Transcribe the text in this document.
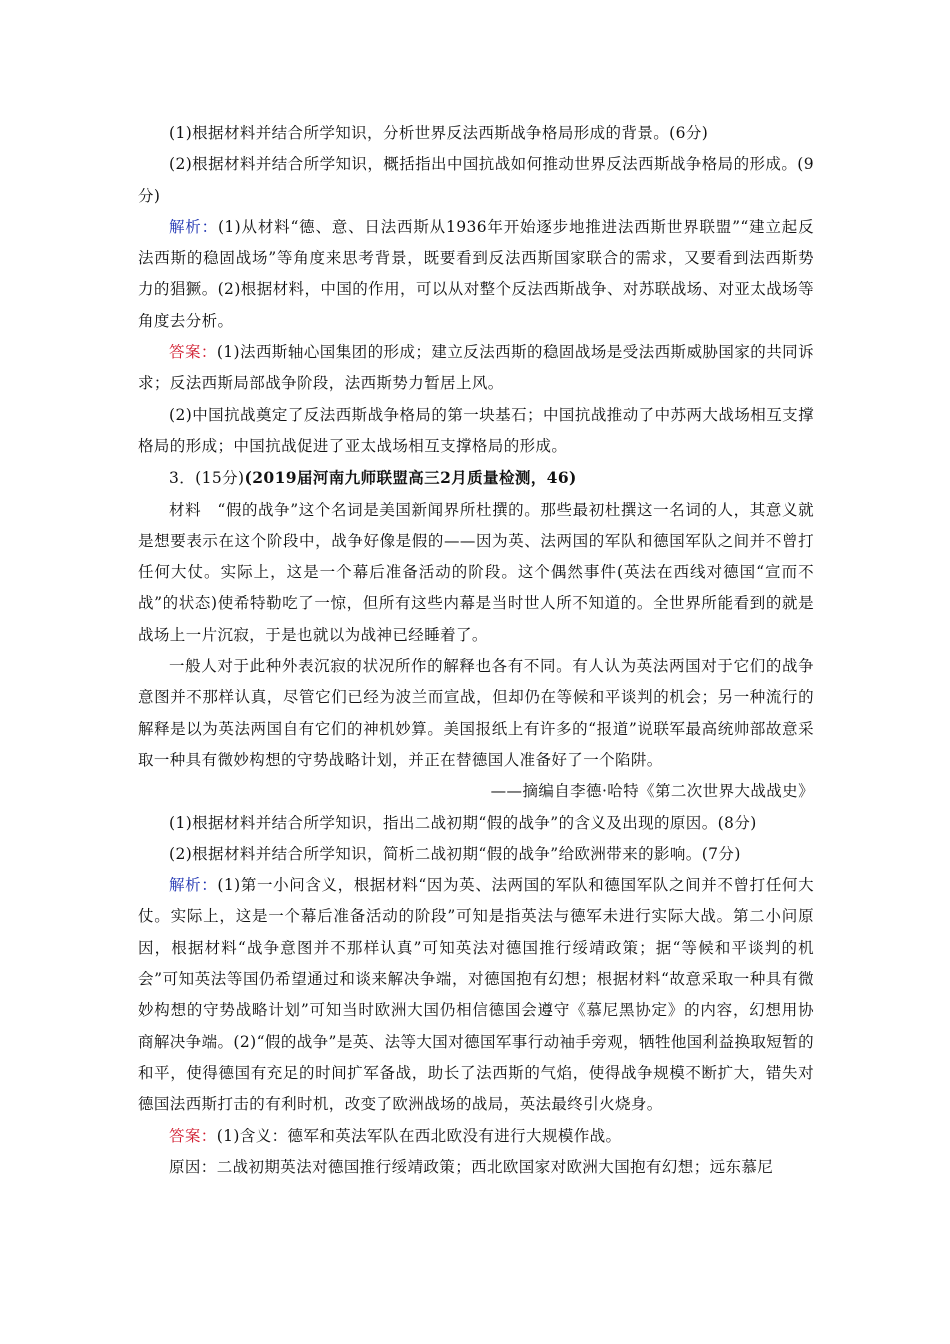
(1)根据材料并结合所学知识，分析世界反法西斯战争格局形成的背景。(6分)

(2)根据材料并结合所学知识，概括指出中国抗战如何推动世界反法西斯战争格局的形成。(9分)

解析：(1)从材料“德、意、日法西斯从1936年开始逐步地推进法西斯世界联盟”“建立起反法西斯的稳固战场”等角度来思考背景，既要看到反法西斯国家联合的需求，又要看到法西斯势力的猖獗。(2)根据材料，中国的作用，可以从对整个反法西斯战争、对苏联战场、对亚太战场等角度去分析。

答案：(1)法西斯轴心国集团的形成；建立反法西斯的稳固战场是受法西斯威胁国家的共同诉求；反法西斯局部战争阶段，法西斯势力暂居上风。

(2)中国抗战奠定了反法西斯战争格局的第一块基石；中国抗战推动了中苏两大战场相互支撑格局的形成；中国抗战促进了亚太战场相互支撑格局的形成。

3．(15分)(2019届河南九师联盟高三2月质量检测，46)

材料　“假的战争”这个名词是美国新闻界所杜撰的。那些最初杜撰这一名词的人，其意义就是想要表示在这个阶段中，战争好像是假的——因为英、法两国的军队和德国军队之间并不曾打任何大仗。实际上，这是一个幕后准备活动的阶段。这个偶然事件(英法在西线对德国“宣而不战”的状态)使希特勒吃了一惊，但所有这些内幕是当时世人所不知道的。全世界所能看到的就是战场上一片沉寂，于是也就以为战神已经睡着了。

一般人对于此种外表沉寂的状况所作的解释也各有不同。有人认为英法两国对于它们的战争意图并不那样认真，尽管它们已经为波兰而宣战，但却仍在等候和平谈判的机会；另一种流行的解释是以为英法两国自有它们的神机妙算。美国报纸上有许多的“报道”说联军最高统帅部故意采取一种具有微妙构想的守势战略计划，并正在替德国人准备好了一个陷阱。

——摘编自李德·哈特《第二次世界大战战史》

(1)根据材料并结合所学知识，指出二战初期“假的战争”的含义及出现的原因。(8分)

(2)根据材料并结合所学知识，简析二战初期“假的战争”给欧洲带来的影响。(7分)

解析：(1)第一小问含义，根据材料“因为英、法两国的军队和德国军队之间并不曾打任何大仗。实际上，这是一个幕后准备活动的阶段”可知是指英法与德军未进行实际大战。第二小问原因，根据材料“战争意图并不那样认真”可知英法对德国推行绥靖政策；据“等候和平谈判的机会”可知英法等国仍希望通过和谈来解决争端，对德国抱有幻想；根据材料“故意采取一种具有微妙构想的守势战略计划”可知当时欧洲大国仍相信德国会遵守《慕尼黑协定》的内容，幻想用协商解决争端。(2)“假的战争”是英、法等大国对德国军事行动袖手旁观，牺牲他国利益换取短暂的和平，使得德国有充足的时间扩军备战，助长了法西斯的气焰，使得战争规模不断扩大，错失对德国法西斯打击的有利时机，改变了欧洲战场的战局，英法最终引火烧身。

答案：(1)含义：德军和英法军队在西北欧没有进行大规模作战。

原因：二战初期英法对德国推行绥靖政策；西北欧国家对欧洲大国抱有幻想；远东慕尼
